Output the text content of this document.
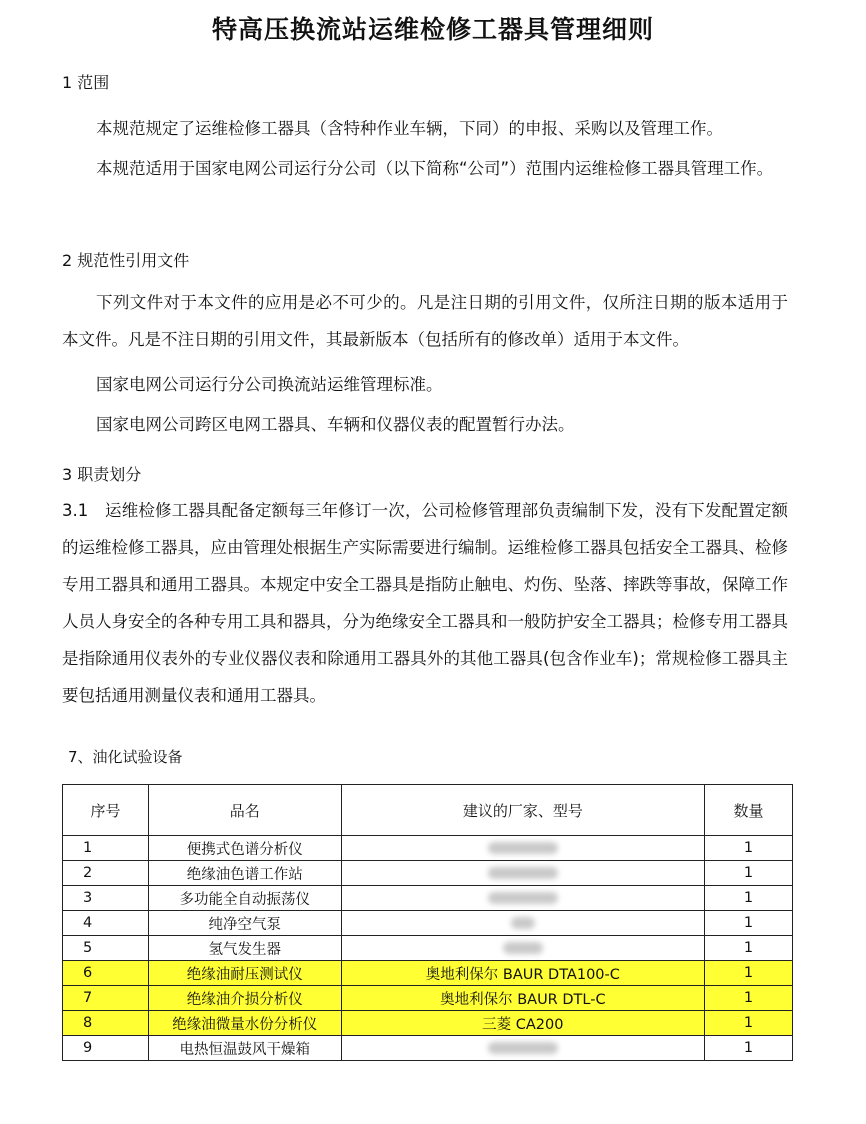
特高压换流站运维检修工器具管理细则
1 范围
本规范规定了运维检修工器具（含特种作业车辆，下同）的申报、采购以及管理工作。
本规范适用于国家电网公司运行分公司（以下简称“公司”）范围内运维检修工器具管理工作。
2 规范性引用文件
下列文件对于本文件的应用是必不可少的。凡是注日期的引用文件，仅所注日期的版本适用于本文件。凡是不注日期的引用文件，其最新版本（包括所有的修改单）适用于本文件。
国家电网公司运行分公司换流站运维管理标准。
国家电网公司跨区电网工器具、车辆和仪器仪表的配置暂行办法。
3 职责划分
3.1　运维检修工器具配备定额每三年修订一次，公司检修管理部负责编制下发，没有下发配置定额的运维检修工器具，应由管理处根据生产实际需要进行编制。运维检修工器具包括安全工器具、检修专用工器具和通用工器具。本规定中安全工器具是指防止触电、灼伤、坠落、摔跌等事故，保障工作人员人身安全的各种专用工具和器具，分为绝缘安全工器具和一般防护安全工器具；检修专用工器具是指除通用仪表外的专业仪器仪表和除通用工器具外的其他工器具(包含作业车)；常规检修工器具主要包括通用测量仪表和通用工器具。
7、油化试验设备
序号	品名	建议的厂家、型号	数量
1	便携式色谱分析仪		1
2	绝缘油色谱工作站		1
3	多功能全自动振荡仪		1
4	纯净空气泵		1
5	氢气发生器		1
6	绝缘油耐压测试仪	奥地利保尔 BAUR DTA100-C	1
7	绝缘油介损分析仪	奥地利保尔 BAUR DTL-C	1
8	绝缘油微量水份分析仪	三菱 CA200	1
9	电热恒温鼓风干燥箱		1
